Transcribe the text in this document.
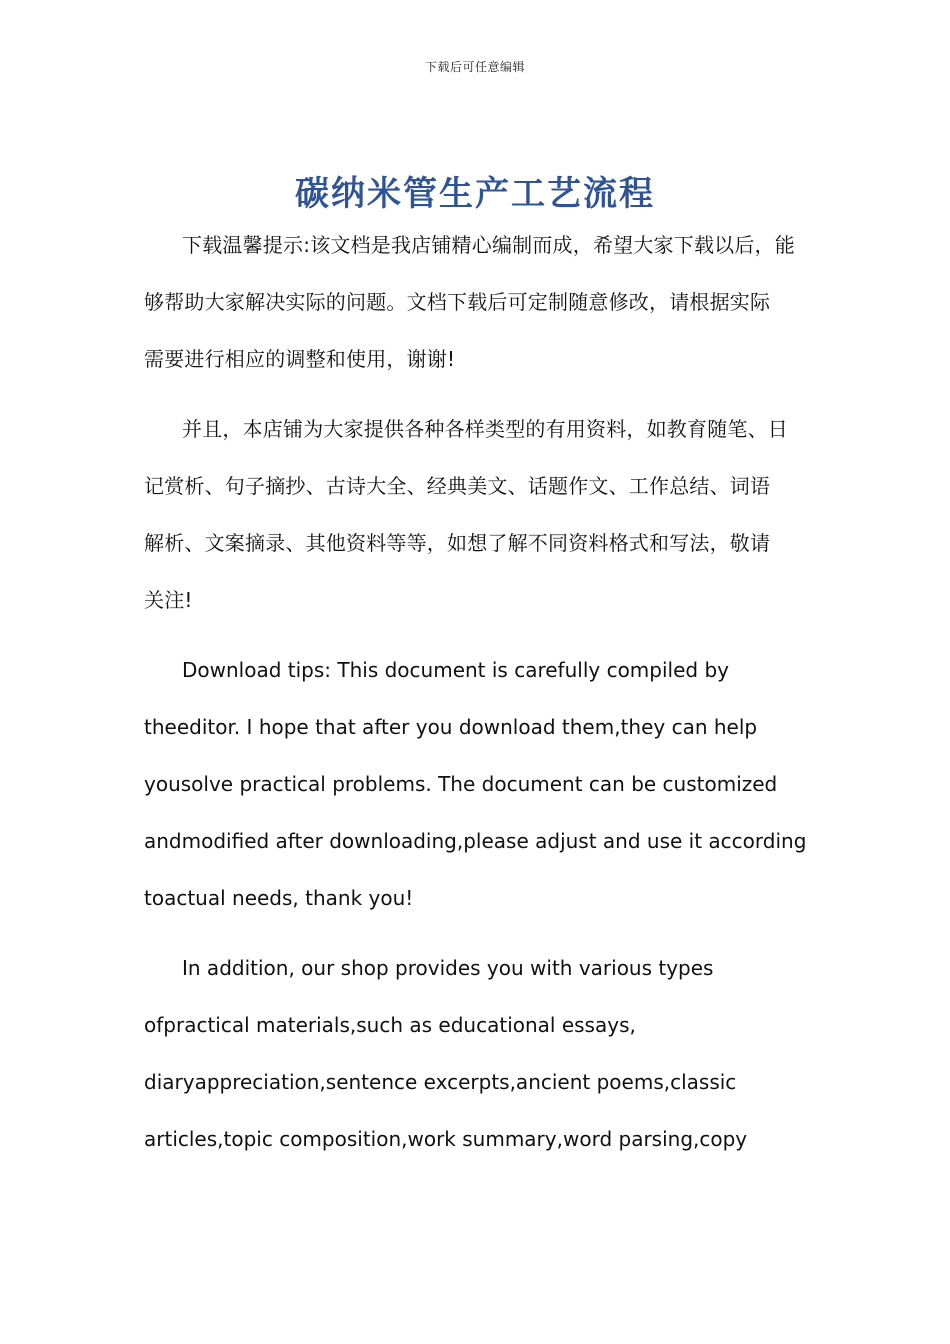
下载后可任意编辑
碳纳米管生产工艺流程

下载温馨提示:该文档是我店铺精心编制而成，希望大家下载以后，能

够帮助大家解决实际的问题。文档下载后可定制随意修改，请根据实际

需要进行相应的调整和使用，谢谢!

并且，本店铺为大家提供各种各样类型的有用资料，如教育随笔、日

记赏析、句子摘抄、古诗大全、经典美文、话题作文、工作总结、词语

解析、文案摘录、其他资料等等，如想了解不同资料格式和写法，敬请

关注!

Download tips: This document is carefully compiled by

theeditor. I hope that after you download them,they can help

yousolve practical problems. The document can be customized

andmodified after downloading,please adjust and use it according

toactual needs, thank you!

In addition, our shop provides you with various types

ofpractical materials,such as educational essays,

diaryappreciation,sentence excerpts,ancient poems,classic

articles,topic composition,work summary,word parsing,copy
